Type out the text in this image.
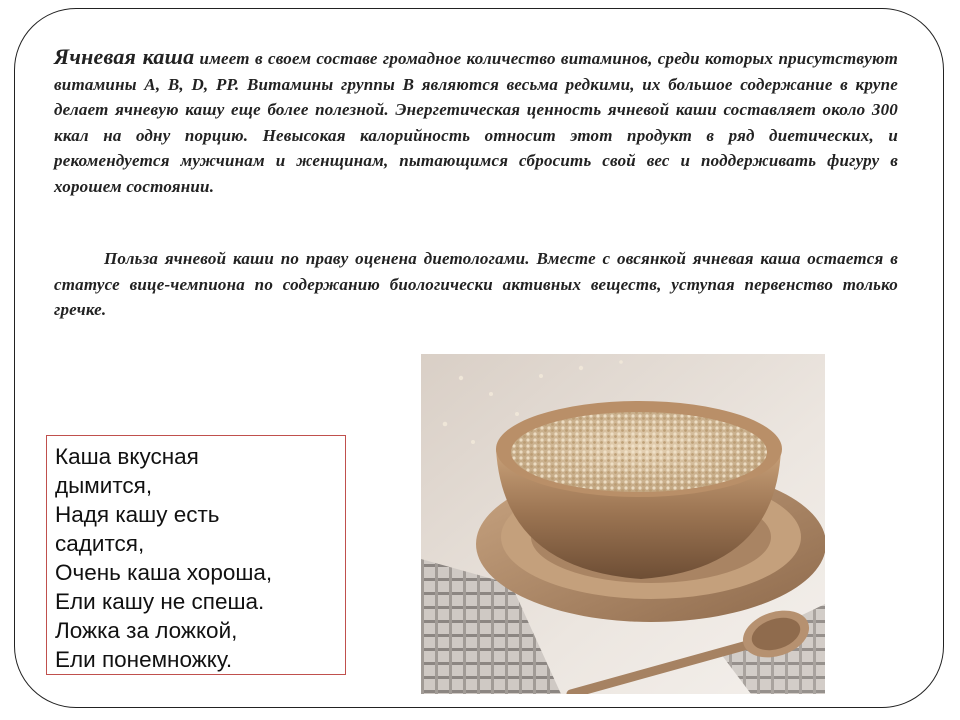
Ячневая каша имеет в своем составе громадное количество витаминов, среди которых присутствуют витамины А, В, D, PP. Витамины группы В являются весьма редкими, их большое содержание в крупе делает ячневую кашу еще более полезной. Энергетическая ценность ячневой каши составляет около 300 ккал на одну порцию. Невысокая калорийность относит этот продукт в ряд диетических, и рекомендуется мужчинам и женщинам, пытающимся сбросить свой вес и поддерживать фигуру в хорошем состоянии.

Польза ячневой каши по праву оценена диетологами. Вместе с овсянкой ячневая каша остается в статусе вице-чемпиона по содержанию биологически активных веществ, уступая первенство только гречке.

Каша вкусная
дымится,
Надя кашу есть
садится,
Очень каша хороша,
Ели кашу не спеша.
Ложка за ложкой,
Ели понемножку.
